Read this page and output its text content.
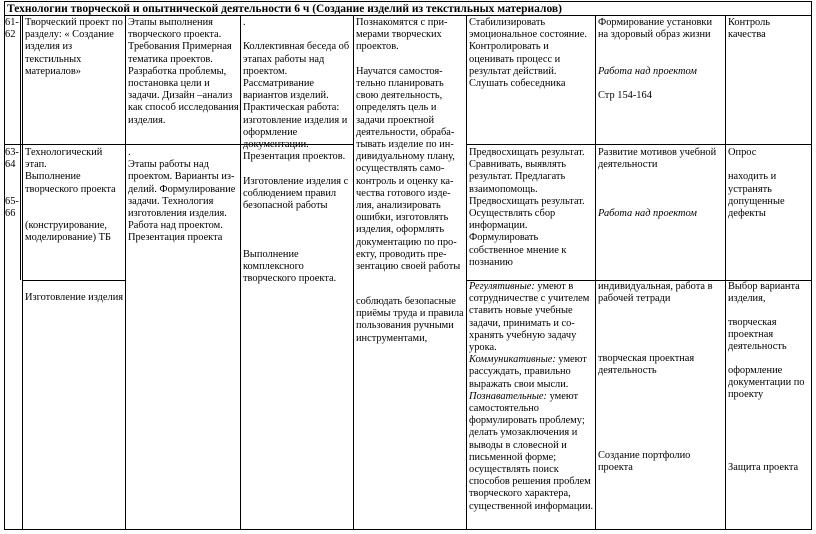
Технологии творческой и опытнической деятельности 6 ч (Создание изделий из текстильных материалов)
61-
62
Творческий проект по разделу: « Создание изделия из текстильных материалов»
Этапы выполнения творческого проекта. Требования Примерная тематика проектов. Разработка проблемы, постановка цели и задачи. Дизайн –анализ как способ исследования изделия.
.

Коллективная беседа об этапах работы над проектом.
Рассматривание вариантов изделий.
Практическая работа: изготовление изделия и оформление документации.
Презентация проектов.

Изготовление изделия с соблюдением правил безопасной работы

Выполнение комплексного творческого проекта.
Познакомятся с при-
мерами творческих проектов.

Научатся самостоя-
тельно планировать свою деятельность, определять цель и задачи проектной деятельности, обраба-
тывать изделие по ин-
дивидуальному плану, осуществлять само-
контроль и оценку ка-
чества готового изде-
лия, анализировать ошибки, изготовлять изделия, оформлять документацию по про-
екту, проводить пре-
зентацию своей работы
Стабилизировать эмоциональное состояние. Контролировать и оценивать процесс и результат действий.
Слушать собеседника
Формирование установки на здоровый образ жизни
Работа над проектом
Стр 154-164
Контроль качества
63-
64

65-
66
Технологический этап.
Выполнение творческого проекта

(конструирование, моделирование) ТБ
.
Этапы работы над проектом. Варианты из-
делий. Формулирование задачи. Технология изготовления изделия.
Работа над проектом.
Презентация проекта
Предвосхищать результат. Сравнивать, выявлять результат. Предлагать взаимопомощь.
Предвосхищать результат. Осуществлять сбор информации.
Формулировать собственное мнение к познанию
Развитие мотивов учебной деятельности
Работа над проектом
Опрос

находить и устранять допущенные дефекты
Изготовление изделия	соблюдать безопасные приёмы труда и правила пользования ручными инструментами,
Регулятивные: умеют в сотрудничестве с учителем ставить новые учебные задачи, принимать и со-
хранять учебную задачу урока.
Коммуникативные: умеют рассуждать, правильно выражать свои мысли.
Познавательные: умеют самостоятельно формулировать проблему; делать умозаключения и выводы в словесной и письменной форме; осуществлять поиск способов решения проблем творческого характера, существенной информации.
индивидуальная, работа в рабочей тетради
творческая проектная деятельность
Создание портфолио проекта
Выбор варианта изделия,
творческая проектная деятельность
оформление документации по проекту
Защита проекта
